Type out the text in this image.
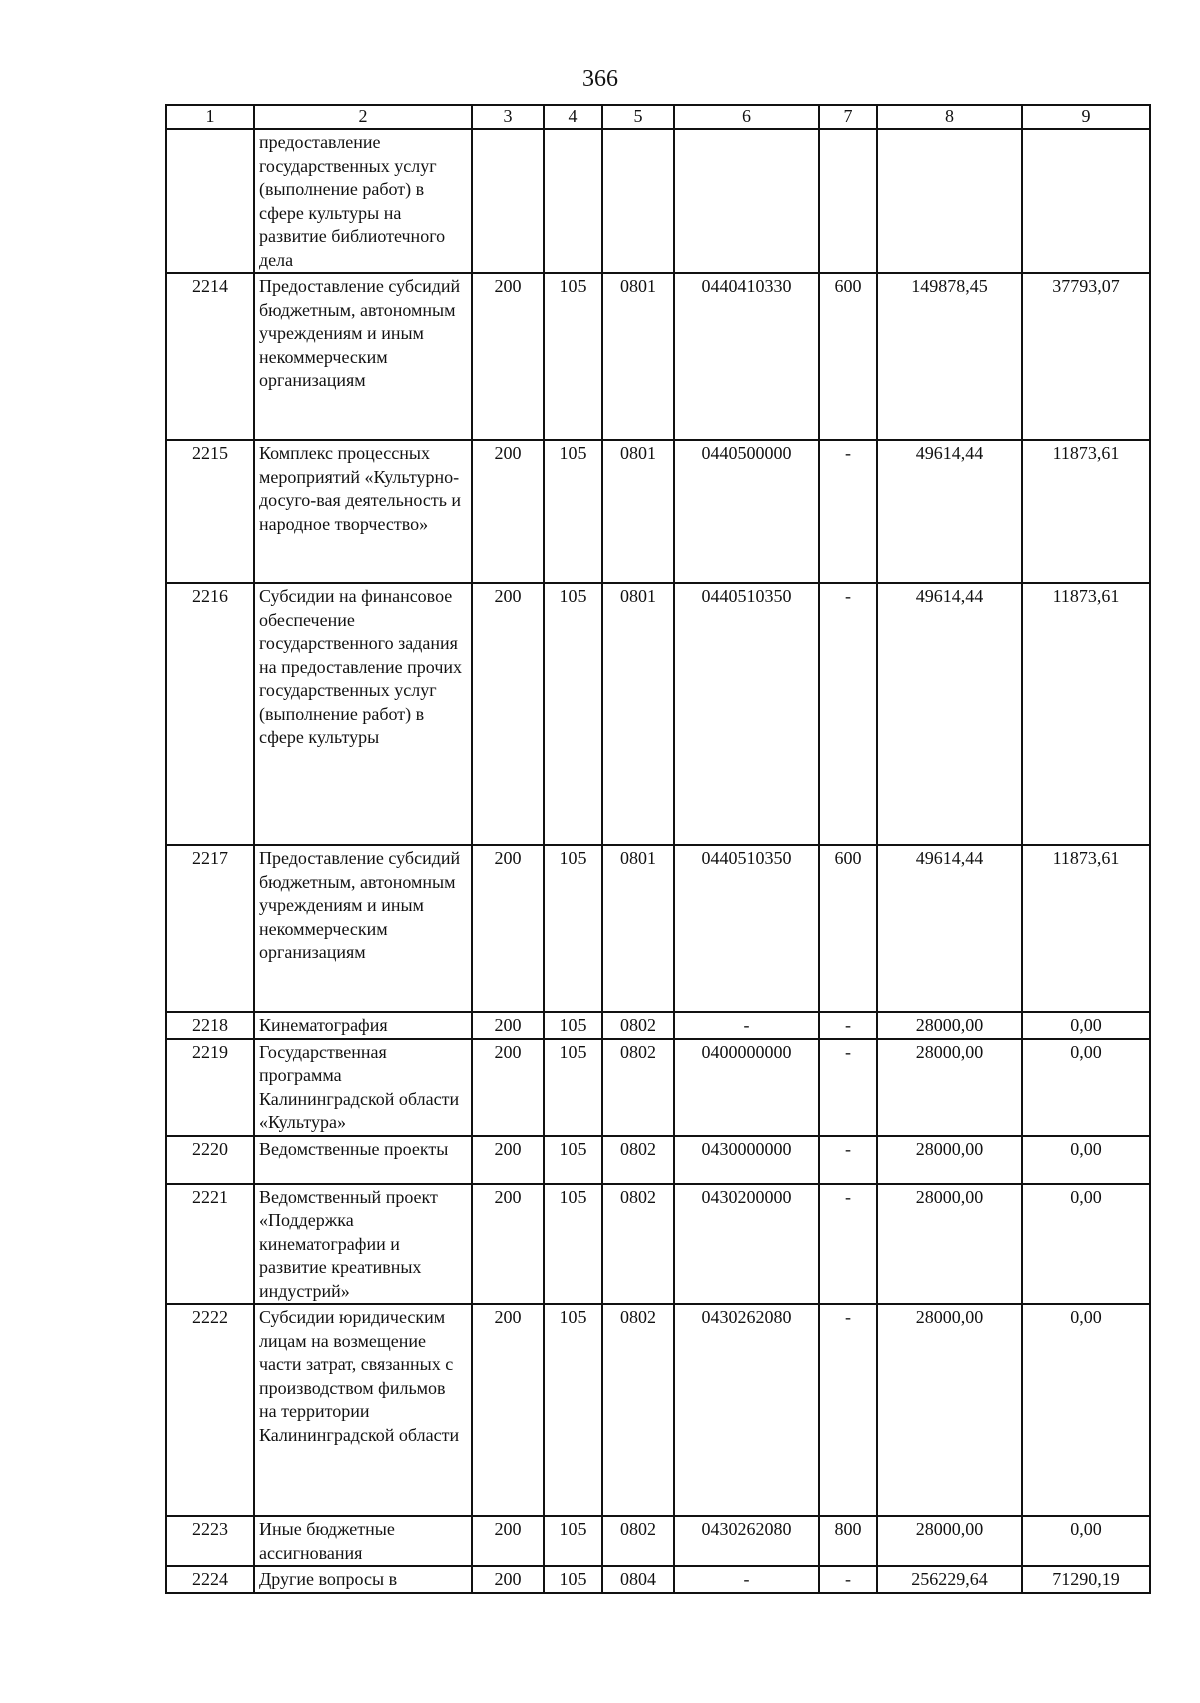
366
1	2	3	4	5	6	7	8	9
	предоставление государственных услуг (выполнение работ) в сфере культуры на развитие библиотечного дела							
2214	Предоставление субсидий бюджетным, автономным учреждениям и иным некоммерческим организациям	200	105	0801	0440410330	600	149878,45	37793,07
2215	Комплекс процессных мероприятий «Культурно-досуго-вая деятельность и народное творчество»	200	105	0801	0440500000	-	49614,44	11873,61
2216	Субсидии на финансовое обеспечение государственного задания на предоставление прочих государственных услуг (выполнение работ) в сфере культуры	200	105	0801	0440510350	-	49614,44	11873,61
2217	Предоставление субсидий бюджетным, автономным учреждениям и иным некоммерческим организациям	200	105	0801	0440510350	600	49614,44	11873,61
2218	Кинематография	200	105	0802	-	-	28000,00	0,00
2219	Государственная программа Калининградской области «Культура»	200	105	0802	0400000000	-	28000,00	0,00
2220	Ведомственные проекты	200	105	0802	0430000000	-	28000,00	0,00
2221	Ведомственный проект «Поддержка кинематографии и развитие креативных индустрий»	200	105	0802	0430200000	-	28000,00	0,00
2222	Субсидии юридическим лицам на возмещение части затрат, связанных с производством фильмов на территории Калининградской области	200	105	0802	0430262080	-	28000,00	0,00
2223	Иные бюджетные ассигнования	200	105	0802	0430262080	800	28000,00	0,00
2224	Другие вопросы в	200	105	0804	-	-	256229,64	71290,19
